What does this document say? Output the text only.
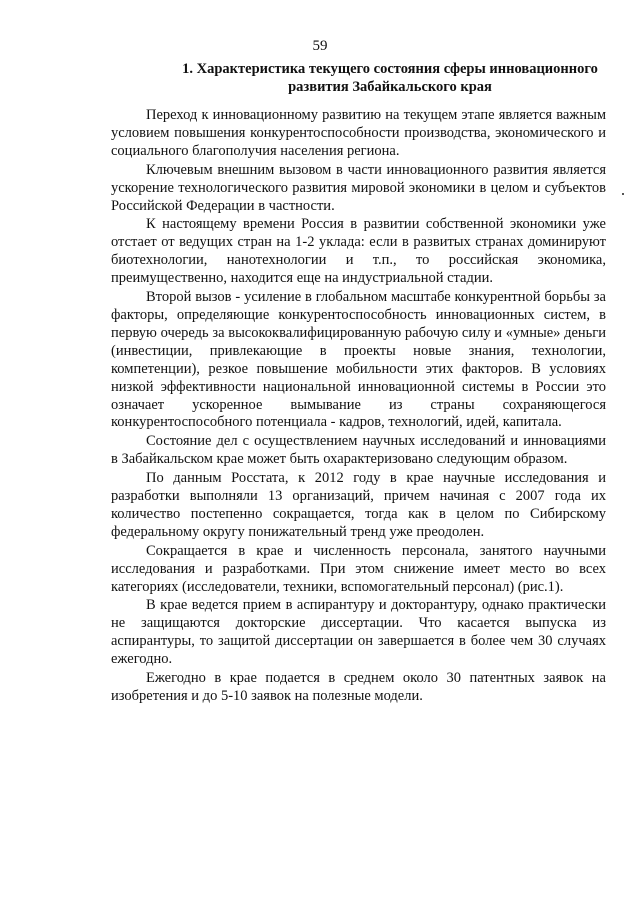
59
1. Характеристика текущего состояния сферы инновационного
развития Забайкальского края

Переход к инновационному развитию на текущем этапе является важным условием повышения конкурентоспособности производства, экономического и социального благополучия населения региона.

Ключевым внешним вызовом в части инновационного развития является ускорение технологического развития мировой экономики в целом и субъектов Российской Федерации в частности.

К настоящему времени Россия в развитии собственной экономики уже отстает от ведущих стран на 1-2 уклада: если в развитых странах доминируют биотехнологии, нанотехнологии и т.п., то российская экономика, преимущественно, находится еще на индустриальной стадии.

Второй вызов - усиление в глобальном масштабе конкурентной борьбы за факторы, определяющие конкурентоспособность инновационных систем, в первую очередь за высококвалифицированную рабочую силу и «умные» деньги (инвестиции, привлекающие в проекты новые знания, технологии, компетенции), резкое повышение мобильности этих факторов. В условиях низкой эффективности национальной инновационной системы в России это означает ускоренное вымывание из страны сохраняющегося конкурентоспособного потенциала - кадров, технологий, идей, капитала.

Состояние дел с осуществлением научных исследований и инновациями в Забайкальском крае может быть охарактеризовано следующим образом.

По данным Росстата, к 2012 году в крае научные исследования и разработки выполняли 13 организаций, причем начиная с 2007 года их количество постепенно сокращается, тогда как в целом по Сибирскому федеральному округу понижательный тренд уже преодолен.

Сокращается в крае и численность персонала, занятого научными исследования и разработками. При этом снижение имеет место во всех категориях (исследователи, техники, вспомогательный персонал) (рис.1).

В крае ведется прием в аспирантуру и докторантуру, однако практически не защищаются докторские диссертации. Что касается выпуска из аспирантуры, то защитой диссертации он завершается в более чем 30 случаях ежегодно.

Ежегодно в крае подается в среднем около 30 патентных заявок на изобретения и до 5-10 заявок на полезные модели.
